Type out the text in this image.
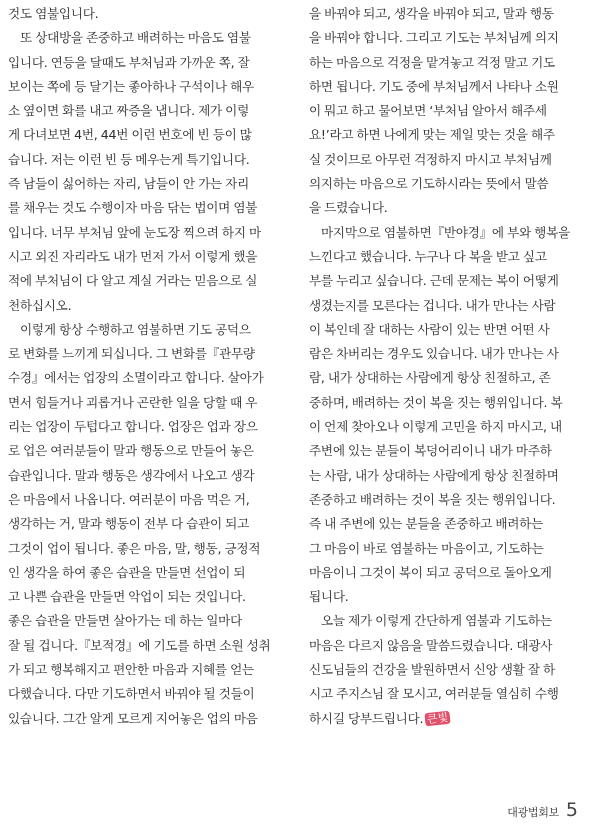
것도 염불입니다.
또 상대방을 존중하고 배려하는 마음도 염불
입니다. 연등을 달때도 부처님과 가까운 쪽, 잘
보이는 쪽에 등 달기는 좋아하나 구석이나 해우
소 옆이면 화를 내고 짜증을 냅니다. 제가 이렇
게 다녀보면 4번, 44번 이런 번호에 빈 등이 많
습니다. 저는 이런 빈 등 메우는게 특기입니다.
즉 남들이 싫어하는 자리, 남들이 안 가는 자리
를 채우는 것도 수행이자 마음 닦는 법이며 염불
입니다. 너무 부처님 앞에 눈도장 찍으려 하지 마
시고 외진 자리라도 내가 먼저 가서 이렇게 했을
적에 부처님이 다 알고 계실 거라는 믿음으로 실
천하십시오.
이렇게 항상 수행하고 염불하면 기도 공덕으
로 변화를 느끼게 되십니다. 그 변화를『관무량
수경』에서는 업장의 소멸이라고 합니다. 살아가
면서 힘들거나 괴롭거나 곤란한 일을 당할 때 우
리는 업장이 두텁다고 합니다. 업장은 업과 장으
로 업은 여러분들이 말과 행동으로 만들어 놓은
습관입니다. 말과 행동은 생각에서 나오고 생각
은 마음에서 나옵니다. 여러분이 마음 먹은 거,
생각하는 거, 말과 행동이 전부 다 습관이 되고
그것이 업이 됩니다. 좋은 마음, 말, 행동, 긍정적
인 생각을 하여 좋은 습관을 만들면 선업이 되
고 나쁜 습관을 만들면 악업이 되는 것입니다.
좋은 습관을 만들면 살아가는 데 하는 일마다
잘 될 겁니다.『보적경』에 기도를 하면 소원 성취
가 되고 행복해지고 편안한 마음과 지혜를 얻는
다했습니다. 다만 기도하면서 바꿔야 될 것들이
있습니다. 그간 알게 모르게 지어놓은 업의 마음
을 바꿔야 되고, 생각을 바꿔야 되고, 말과 행동
을 바꿔야 합니다. 그리고 기도는 부처님께 의지
하는 마음으로 걱정을 맡겨놓고 걱정 말고 기도
하면 됩니다. 기도 중에 부처님께서 나타나 소원
이 뭐고 하고 물어보면 ‘부처님 알아서 해주세
요!’라고 하면 나에게 맞는 제일 맞는 것을 해주
실 것이므로 아무런 걱정하지 마시고 부처님께
의지하는 마음으로 기도하시라는 뜻에서 말씀
을 드렸습니다.
마지막으로 염불하면『반야경』에 부와 행복을
느낀다고 했습니다. 누구나 다 복을 받고 싶고
부를 누리고 싶습니다. 근데 문제는 복이 어떻게
생겼는지를 모른다는 겁니다. 내가 만나는 사람
이 복인데 잘 대하는 사람이 있는 반면 어떤 사
람은 차버리는 경우도 있습니다. 내가 만나는 사
람, 내가 상대하는 사람에게 항상 친절하고, 존
중하며, 배려하는 것이 복을 짓는 행위입니다. 복
이 언제 찾아오나 이렇게 고민을 하지 마시고, 내
주변에 있는 분들이 복덩어리이니 내가 마주하
는 사람, 내가 상대하는 사람에게 항상 친절하며
존중하고 배려하는 것이 복을 짓는 행위입니다.
즉 내 주변에 있는 분들을 존중하고 배려하는
그 마음이 바로 염불하는 마음이고, 기도하는
마음이니 그것이 복이 되고 공덕으로 돌아오게
됩니다.
오늘 제가 이렇게 간단하게 염불과 기도하는
마음은 다르지 않음을 말씀드렸습니다. 대광사
신도님들의 건강을 발원하면서 신앙 생활 잘 하
시고 주지스님 잘 모시고, 여러분들 열심히 수행
하시길 당부드립니다. 큰빛
대광법회보 5
